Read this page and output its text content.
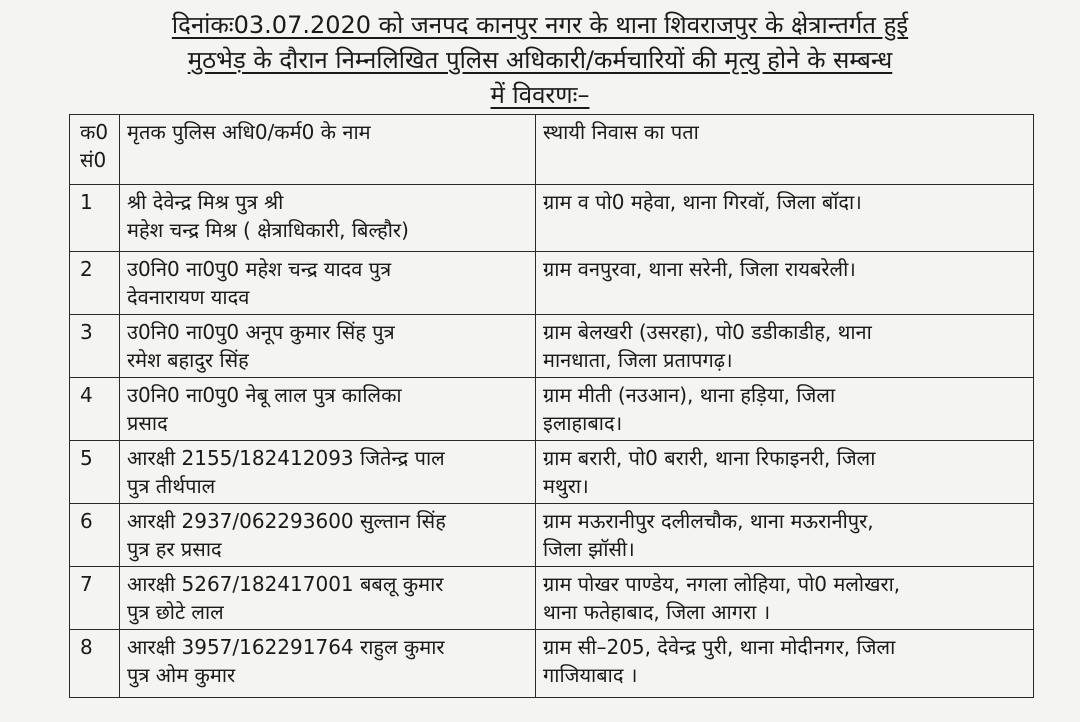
दिनांकः03.07.2020 को जनपद कानपुर नगर के थाना शिवराजपुर के क्षेत्रान्तर्गत हुई
मुठभेड़ के दौरान निम्नलिखित पुलिस अधिकारी/कर्मचारियों की मृत्यु होने के सम्बन्ध
में विवरणः–
क0
सं0	मृतक पुलिस अधि0/कर्म0 के नाम	स्थायी निवास का पता
1	श्री देवेन्द्र मिश्र पुत्र श्री
महेश चन्द्र मिश्र ( क्षेत्राधिकारी, बिल्हौर)	ग्राम व पो0 महेवा, थाना गिरवॉ, जिला बॉदा।

2	उ0नि0 ना0पु0 महेश चन्द्र यादव पुत्र
देवनारायण यादव	ग्राम वनपुरवा, थाना सरेनी, जिला रायबरेली।

3	उ0नि0 ना0पु0 अनूप कुमार सिंह पुत्र
रमेश बहादुर सिंह	ग्राम बेलखरी (उसरहा), पो0 डडीकाडीह, थाना
मानधाता, जिला प्रतापगढ़।

4	उ0नि0 ना0पु0 नेबू लाल पुत्र कालिका
प्रसाद	ग्राम मीती (नउआन), थाना हड़िया, जिला
इलाहाबाद।

5	आरक्षी 2155/182412093 जितेन्द्र पाल
पुत्र तीर्थपाल	ग्राम बरारी, पो0 बरारी, थाना रिफाइनरी, जिला
मथुरा।

6	आरक्षी 2937/062293600 सुल्तान सिंह
पुत्र हर प्रसाद	ग्राम मऊरानीपुर दलीलचौक, थाना मऊरानीपुर,
जिला झॉसी।

7	आरक्षी 5267/182417001 बबलू कुमार
पुत्र छोटे लाल	ग्राम पोखर पाण्डेय, नगला लोहिया, पो0 मलोखरा,
थाना फतेहाबाद, जिला आगरा ।

8	आरक्षी 3957/162291764 राहुल कुमार
पुत्र ओम कुमार	ग्राम सी–205, देवेन्द्र पुरी, थाना मोदीनगर, जिला
गाजियाबाद ।
